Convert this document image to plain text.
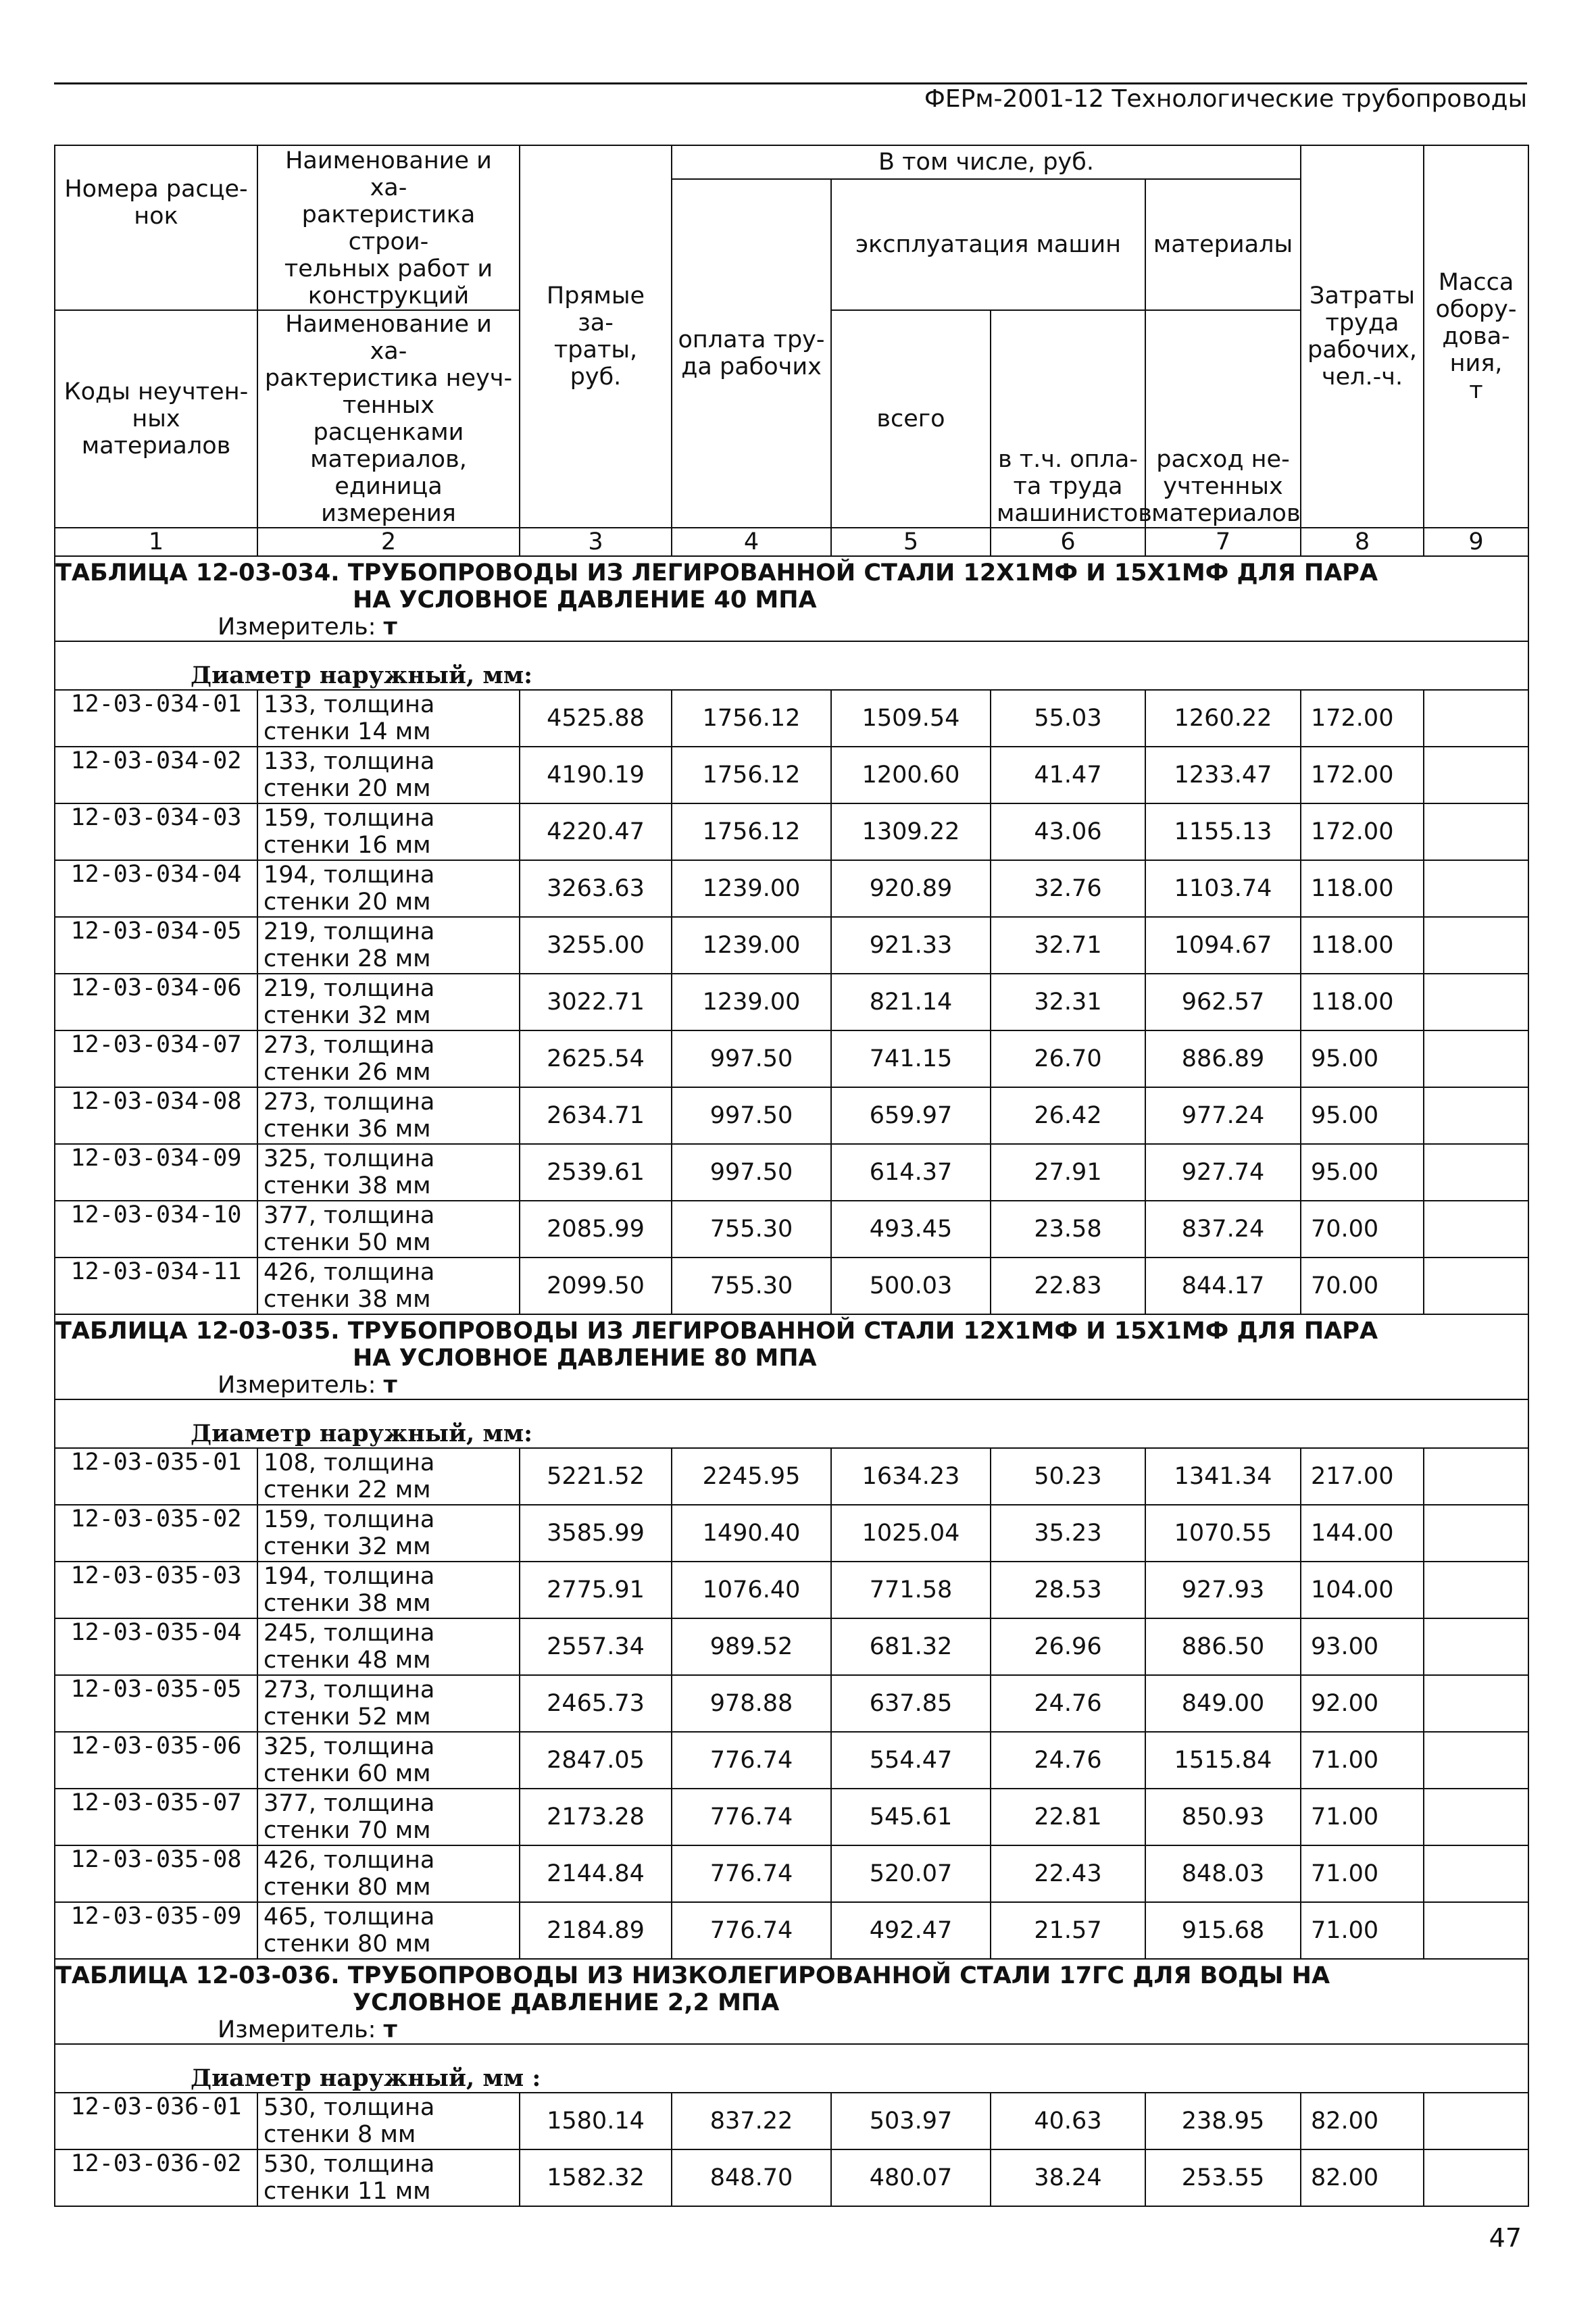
ФЕРм-2001-12 Технологические трубопроводы
Номера расце-
нок	Наименование и ха-
рактеристика строи-
тельных работ и
конструкций	Прямые за-
траты,
руб.	В том числе, руб.				Затраты
труда
рабочих,
чел.-ч.	Масса
обору-
дова-
ния,
т
			оплата тру-
да рабочих	эксплуатация машин		материалы		
Коды неучтен-
ных материалов	Наименование и ха-
рактеристика неуч-
тенных расценками
материалов,
единица измерения			всего	в т.ч. опла-
та труда
машинистов	расход не-
учтенных
материалов		

1	2	3	4	5	6	7	8	9

ТАБЛИЦА 12-03-034. ТРУБОПРОВОДЫ ИЗ ЛЕГИРОВАННОЙ СТАЛИ 12Х1МФ И 15Х1МФ ДЛЯ ПАРА
НА УСЛОВНОЕ ДАВЛЕНИЕ 40 МПА								

Измеритель: т								
Диаметр наружный, мм:								
12-03-034-01	133, толщина
стенки 14 мм	4525.88	1756.12	1509.54	55.03	1260.22	172.00	
12-03-034-02	133, толщина
стенки 20 мм	4190.19	1756.12	1200.60	41.47	1233.47	172.00	
12-03-034-03	159, толщина
стенки 16 мм	4220.47	1756.12	1309.22	43.06	1155.13	172.00	
12-03-034-04	194, толщина
стенки 20 мм	3263.63	1239.00	920.89	32.76	1103.74	118.00	
12-03-034-05	219, толщина
стенки 28 мм	3255.00	1239.00	921.33	32.71	1094.67	118.00	
12-03-034-06	219, толщина
стенки 32 мм	3022.71	1239.00	821.14	32.31	962.57	118.00	
12-03-034-07	273, толщина
стенки 26 мм	2625.54	997.50	741.15	26.70	886.89	95.00	
12-03-034-08	273, толщина
стенки 36 мм	2634.71	997.50	659.97	26.42	977.24	95.00	
12-03-034-09	325, толщина
стенки 38 мм	2539.61	997.50	614.37	27.91	927.74	95.00	
12-03-034-10	377, толщина
стенки 50 мм	2085.99	755.30	493.45	23.58	837.24	70.00	
12-03-034-11	426, толщина
стенки 38 мм	2099.50	755.30	500.03	22.83	844.17	70.00	

ТАБЛИЦА 12-03-035. ТРУБОПРОВОДЫ ИЗ ЛЕГИРОВАННОЙ СТАЛИ 12Х1МФ И 15Х1МФ ДЛЯ ПАРА
НА УСЛОВНОЕ ДАВЛЕНИЕ 80 МПА								

Измеритель: т								
Диаметр наружный, мм:								
12-03-035-01	108, толщина
стенки 22 мм	5221.52	2245.95	1634.23	50.23	1341.34	217.00	
12-03-035-02	159, толщина
стенки 32 мм	3585.99	1490.40	1025.04	35.23	1070.55	144.00	
12-03-035-03	194, толщина
стенки 38 мм	2775.91	1076.40	771.58	28.53	927.93	104.00	
12-03-035-04	245, толщина
стенки 48 мм	2557.34	989.52	681.32	26.96	886.50	93.00	
12-03-035-05	273, толщина
стенки 52 мм	2465.73	978.88	637.85	24.76	849.00	92.00	
12-03-035-06	325, толщина
стенки 60 мм	2847.05	776.74	554.47	24.76	1515.84	71.00	
12-03-035-07	377, толщина
стенки 70 мм	2173.28	776.74	545.61	22.81	850.93	71.00	
12-03-035-08	426, толщина
стенки 80 мм	2144.84	776.74	520.07	22.43	848.03	71.00	
12-03-035-09	465, толщина
стенки 80 мм	2184.89	776.74	492.47	21.57	915.68	71.00	

ТАБЛИЦА 12-03-036. ТРУБОПРОВОДЫ ИЗ НИЗКОЛЕГИРОВАННОЙ СТАЛИ 17ГС ДЛЯ ВОДЫ НА
УСЛОВНОЕ ДАВЛЕНИЕ 2,2 МПА								

Измеритель: т								
Диаметр наружный, мм :								
12-03-036-01	530, толщина
стенки 8 мм	1580.14	837.22	503.97	40.63	238.95	82.00	
12-03-036-02	530, толщина
стенки 11 мм	1582.32	848.70	480.07	38.24	253.55	82.00	
47
